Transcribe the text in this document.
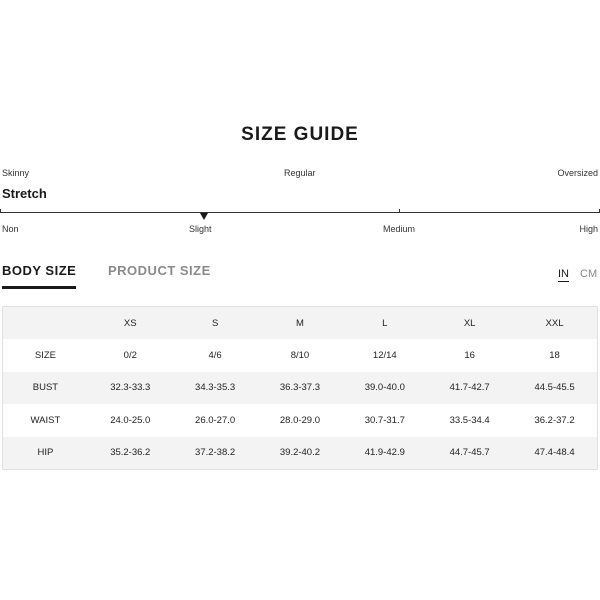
SIZE GUIDE
Skinny	Regular	Oversized
Stretch
Non	Slight	Medium	High
BODY SIZE PRODUCT SIZE	IN CM
	XS	S	M	L	XL	XXL
SIZE	0/2	4/6	8/10	12/14	16	18
BUST	32.3-33.3	34.3-35.3	36.3-37.3	39.0-40.0	41.7-42.7	44.5-45.5
WAIST	24.0-25.0	26.0-27.0	28.0-29.0	30.7-31.7	33.5-34.4	36.2-37.2
HIP	35.2-36.2	37.2-38.2	39.2-40.2	41.9-42.9	44.7-45.7	47.4-48.4
